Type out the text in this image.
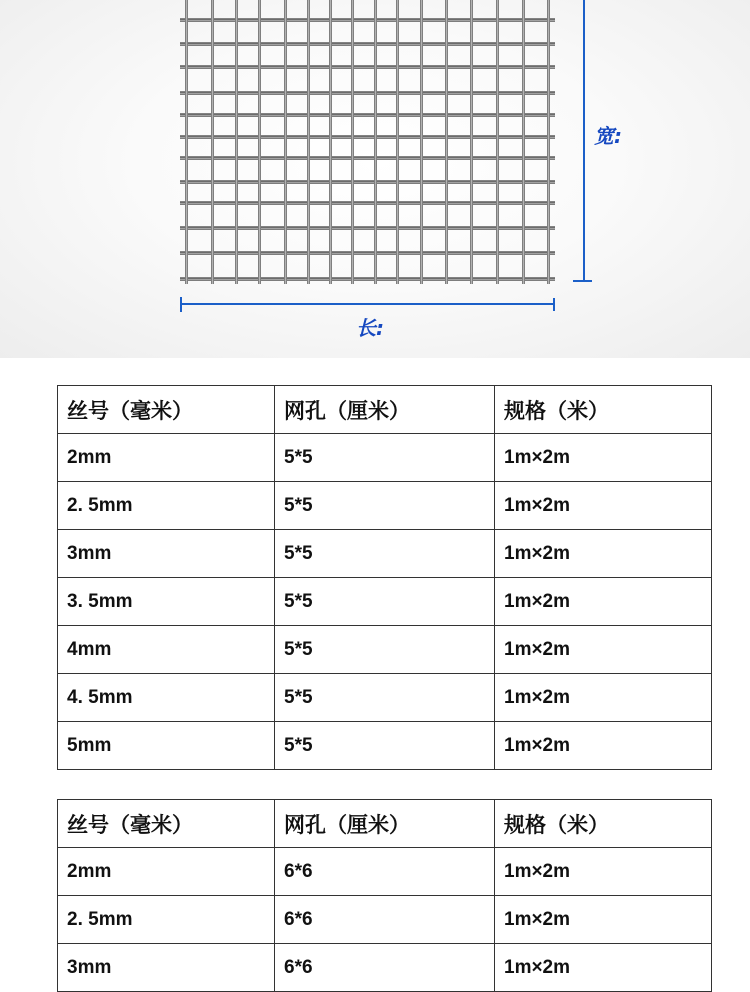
宽:
长:
丝号（毫米）	网孔（厘米）	规格（米）
2mm	5*5	1m×2m
2. 5mm	5*5	1m×2m
3mm	5*5	1m×2m
3. 5mm	5*5	1m×2m
4mm	5*5	1m×2m
4. 5mm	5*5	1m×2m
5mm	5*5	1m×2m
丝号（毫米）	网孔（厘米）	规格（米）
2mm	6*6	1m×2m
2. 5mm	6*6	1m×2m
3mm	6*6	1m×2m
